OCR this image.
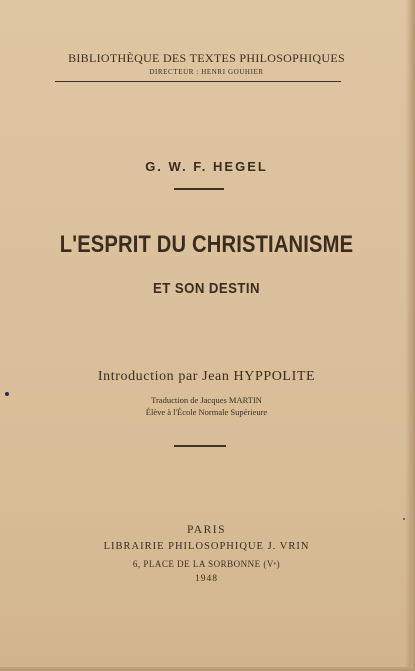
BIBLIOTHÈQUE DES TEXTES PHILOSOPHIQUES
DIRECTEUR : HENRI GOUHIER
G. W. F. HEGEL
L'ESPRIT DU CHRISTIANISME
ET SON DESTIN
Introduction par Jean HYPPOLITE
Traduction de Jacques MARTIN
Élève à l'École Normale Supérieure
PARIS
LIBRAIRIE PHILOSOPHIQUE J. VRIN
6, PLACE DE LA SORBONNE (Vᵉ)
1948
